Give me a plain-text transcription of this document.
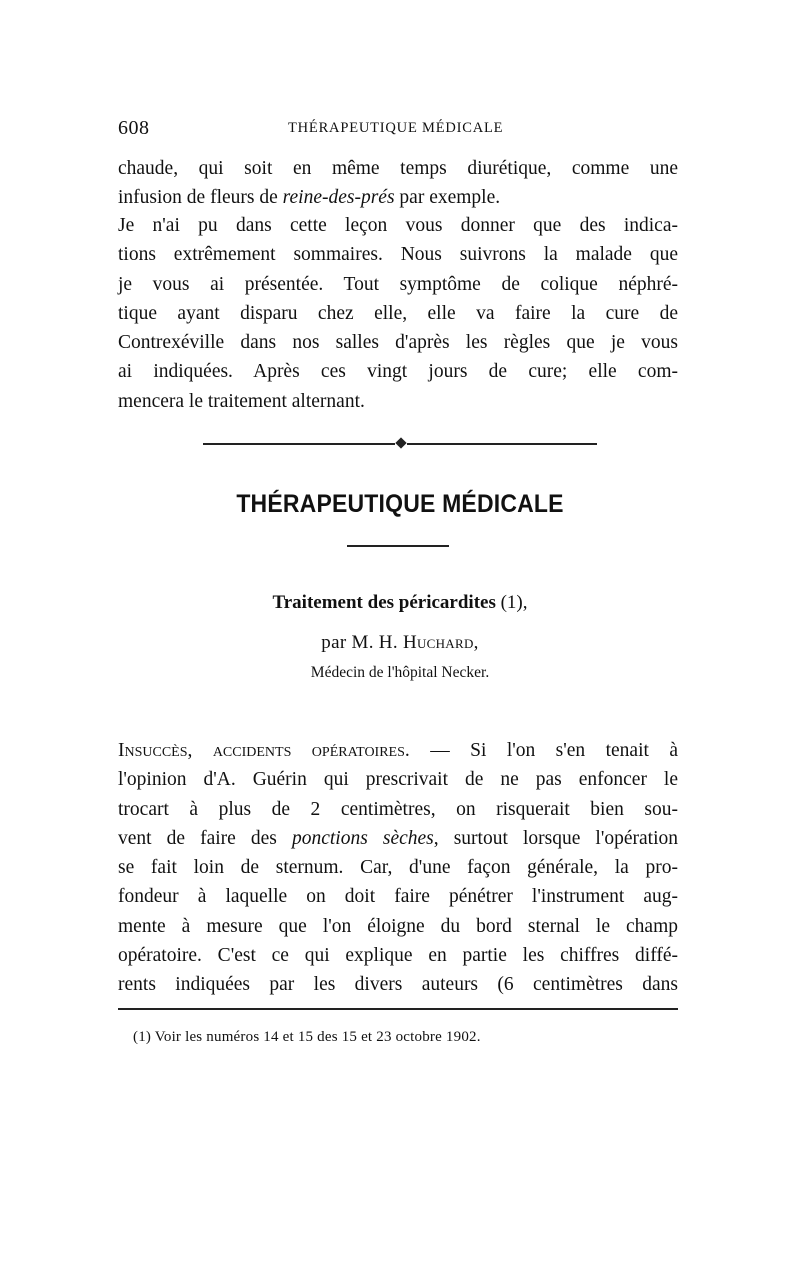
608	THÉRAPEUTIQUE MÉDICALE
chaude, qui soit en même temps diurétique, comme une
infusion de fleurs de reine-des-prés par exemple.
Je n'ai pu dans cette leçon vous donner que des indica-
tions extrêmement sommaires. Nous suivrons la malade que
je vous ai présentée. Tout symptôme de colique néphré-
tique ayant disparu chez elle, elle va faire la cure de
Contrexéville dans nos salles d'après les règles que je vous
ai indiquées. Après ces vingt jours de cure; elle com-
mencera le traitement alternant.
THÉRAPEUTIQUE MÉDICALE
Traitement des péricardites (1),
par M. H. Huchard,
Médecin de l'hôpital Necker.
Insuccès, accidents opératoires. — Si l'on s'en tenait à
l'opinion d'A. Guérin qui prescrivait de ne pas enfoncer le
trocart à plus de 2 centimètres, on risquerait bien sou-
vent de faire des ponctions sèches, surtout lorsque l'opération
se fait loin de sternum. Car, d'une façon générale, la pro-
fondeur à laquelle on doit faire pénétrer l'instrument aug-
mente à mesure que l'on éloigne du bord sternal le champ
opératoire. C'est ce qui explique en partie les chiffres diffé-
rents indiquées par les divers auteurs (6 centimètres dans
(1) Voir les numéros 14 et 15 des 15 et 23 octobre 1902.
